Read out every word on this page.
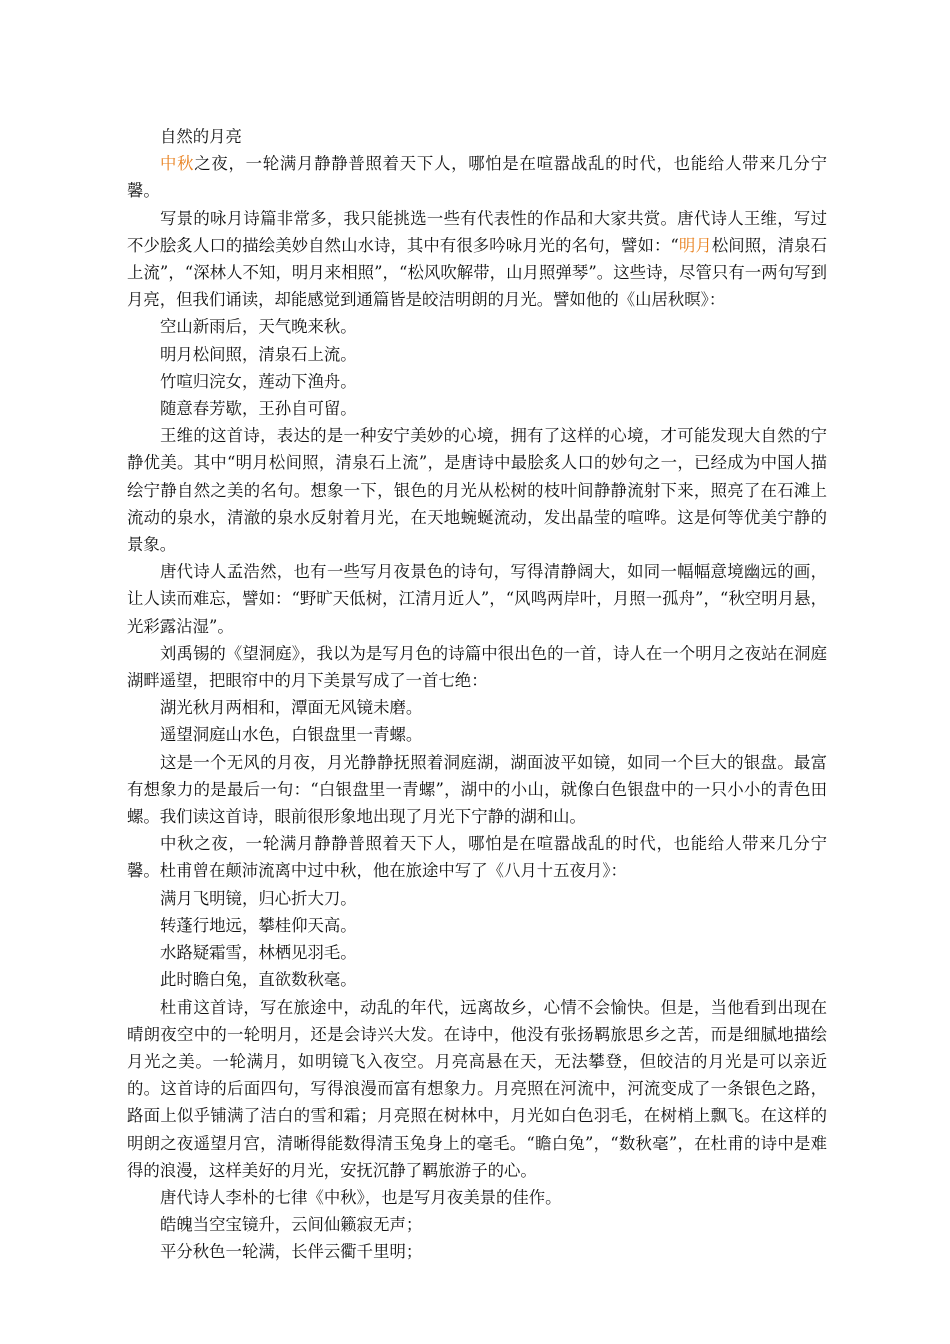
自然的月亮

中秋之夜，一轮满月静静普照着天下人，哪怕是在喧嚣战乱的时代，也能给人带来几分宁馨。

写景的咏月诗篇非常多，我只能挑选一些有代表性的作品和大家共赏。唐代诗人王维，写过不少脍炙人口的描绘美妙自然山水诗，其中有很多吟咏月光的名句，譬如：“明月松间照，清泉石上流”，“深林人不知，明月来相照”，“松风吹解带，山月照弹琴”。这些诗，尽管只有一两句写到月亮，但我们诵读，却能感觉到通篇皆是皎洁明朗的月光。譬如他的《山居秋暝》：

空山新雨后，天气晚来秋。

明月松间照，清泉石上流。

竹喧归浣女，莲动下渔舟。

随意春芳歇，王孙自可留。

王维的这首诗，表达的是一种安宁美妙的心境，拥有了这样的心境，才可能发现大自然的宁静优美。其中“明月松间照，清泉石上流”，是唐诗中最脍炙人口的妙句之一，已经成为中国人描绘宁静自然之美的名句。想象一下，银色的月光从松树的枝叶间静静流射下来，照亮了在石滩上流动的泉水，清澈的泉水反射着月光，在天地蜿蜒流动，发出晶莹的喧哗。这是何等优美宁静的景象。

唐代诗人孟浩然，也有一些写月夜景色的诗句，写得清静阔大，如同一幅幅意境幽远的画，让人读而难忘，譬如：“野旷天低树，江清月近人”，“风鸣两岸叶，月照一孤舟”，“秋空明月悬，光彩露沾湿”。

刘禹锡的《望洞庭》，我以为是写月色的诗篇中很出色的一首，诗人在一个明月之夜站在洞庭湖畔遥望，把眼帘中的月下美景写成了一首七绝：

湖光秋月两相和，潭面无风镜未磨。

遥望洞庭山水色，白银盘里一青螺。

这是一个无风的月夜，月光静静抚照着洞庭湖，湖面波平如镜，如同一个巨大的银盘。最富有想象力的是最后一句：“白银盘里一青螺”，湖中的小山，就像白色银盘中的一只小小的青色田螺。我们读这首诗，眼前很形象地出现了月光下宁静的湖和山。

中秋之夜，一轮满月静静普照着天下人，哪怕是在喧嚣战乱的时代，也能给人带来几分宁馨。杜甫曾在颠沛流离中过中秋，他在旅途中写了《八月十五夜月》：

满月飞明镜，归心折大刀。

转蓬行地远，攀桂仰天高。

水路疑霜雪，林栖见羽毛。

此时瞻白兔，直欲数秋毫。

杜甫这首诗，写在旅途中，动乱的年代，远离故乡，心情不会愉快。但是，当他看到出现在晴朗夜空中的一轮明月，还是会诗兴大发。在诗中，他没有张扬羁旅思乡之苦，而是细腻地描绘月光之美。一轮满月，如明镜飞入夜空。月亮高悬在天，无法攀登，但皎洁的月光是可以亲近的。这首诗的后面四句，写得浪漫而富有想象力。月亮照在河流中，河流变成了一条银色之路，路面上似乎铺满了洁白的雪和霜；月亮照在树林中，月光如白色羽毛，在树梢上飘飞。在这样的明朗之夜遥望月宫，清晰得能数得清玉兔身上的毫毛。“瞻白兔”，“数秋毫”，在杜甫的诗中是难得的浪漫，这样美好的月光，安抚沉静了羁旅游子的心。

唐代诗人李朴的七律《中秋》，也是写月夜美景的佳作。

皓魄当空宝镜升，云间仙籁寂无声；

平分秋色一轮满，长伴云衢千里明；
